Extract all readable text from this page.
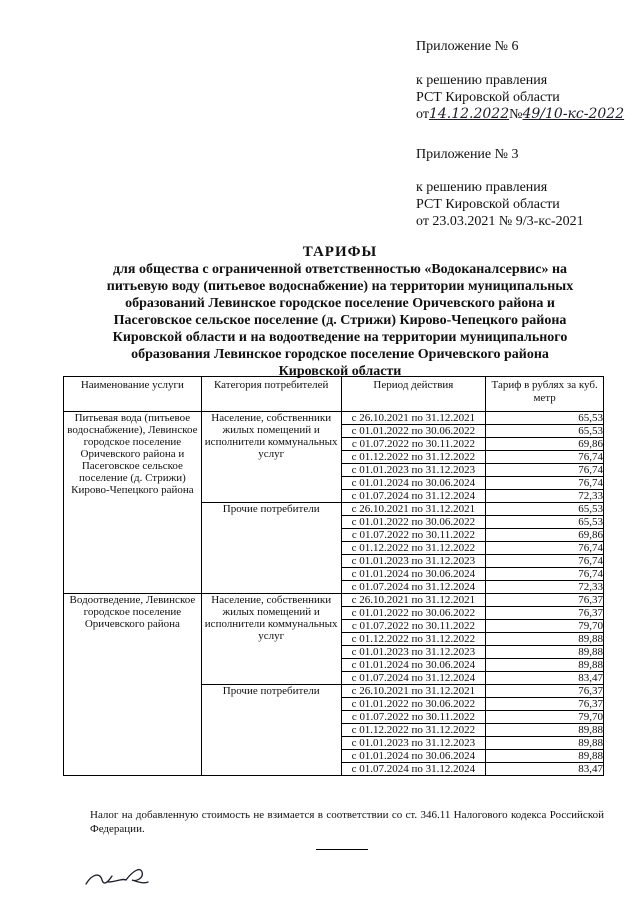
Приложение № 6
к решению правления
РСТ Кировской области
от14.12.2022№49/10-кс-2022
Приложение № 3
к решению правления
РСТ Кировской области
от 23.03.2021 № 9/3-кс-2021
ТАРИФЫ
для общества с ограниченной ответственностью «Водоканалсервис» на
питьевую воду (питьевое водоснабжение) на территории муниципальных
образований Левинское городское поселение Оричевского района и
Пасеговское сельское поселение (д. Стрижи) Кирово-Чепецкого района
Кировской области и на водоотведение на территории муниципального
образования Левинское городское поселение Оричевского района
Кировской области
Наименование услуги	Категория потребителей	Период действия	Тариф в рублях за куб. метр
Питьевая вода (питьевое водоснабжение), Левинское городское поселение Оричевского района и Пасеговское сельское поселение (д. Стрижи) Кирово-Чепецкого района	Население, собственники жилых помещений и исполнители коммунальных услуг	с 26.10.2021 по 31.12.2021	65,53
		с 01.01.2022 по 30.06.2022	65,53
		с 01.07.2022 по 30.11.2022	69,86
		с 01.12.2022 по 31.12.2022	76,74
		с 01.01.2023 по 31.12.2023	76,74
		с 01.01.2024 по 30.06.2024	76,74
		с 01.07.2024 по 31.12.2024	72,33
	Прочие потребители	с 26.10.2021 по 31.12.2021	65,53
		с 01.01.2022 по 30.06.2022	65,53
		с 01.07.2022 по 30.11.2022	69,86
		с 01.12.2022 по 31.12.2022	76,74
		с 01.01.2023 по 31.12.2023	76,74
		с 01.01.2024 по 30.06.2024	76,74
		с 01.07.2024 по 31.12.2024	72,33
Водоотведение, Левинское городское поселение Оричевского района	Население, собственники жилых помещений и исполнители коммунальных услуг	с 26.10.2021 по 31.12.2021	76,37
		с 01.01.2022 по 30.06.2022	76,37
		с 01.07.2022 по 30.11.2022	79,70
		с 01.12.2022 по 31.12.2022	89,88
		с 01.01.2023 по 31.12.2023	89,88
		с 01.01.2024 по 30.06.2024	89,88
		с 01.07.2024 по 31.12.2024	83,47
	Прочие потребители	с 26.10.2021 по 31.12.2021	76,37
		с 01.01.2022 по 30.06.2022	76,37
		с 01.07.2022 по 30.11.2022	79,70
		с 01.12.2022 по 31.12.2022	89,88
		с 01.01.2023 по 31.12.2023	89,88
		с 01.01.2024 по 30.06.2024	89,88
		с 01.07.2024 по 31.12.2024	83,47
Налог на добавленную стоимость не взимается в соответствии со ст. 346.11 Налогового кодекса Российской Федерации.
